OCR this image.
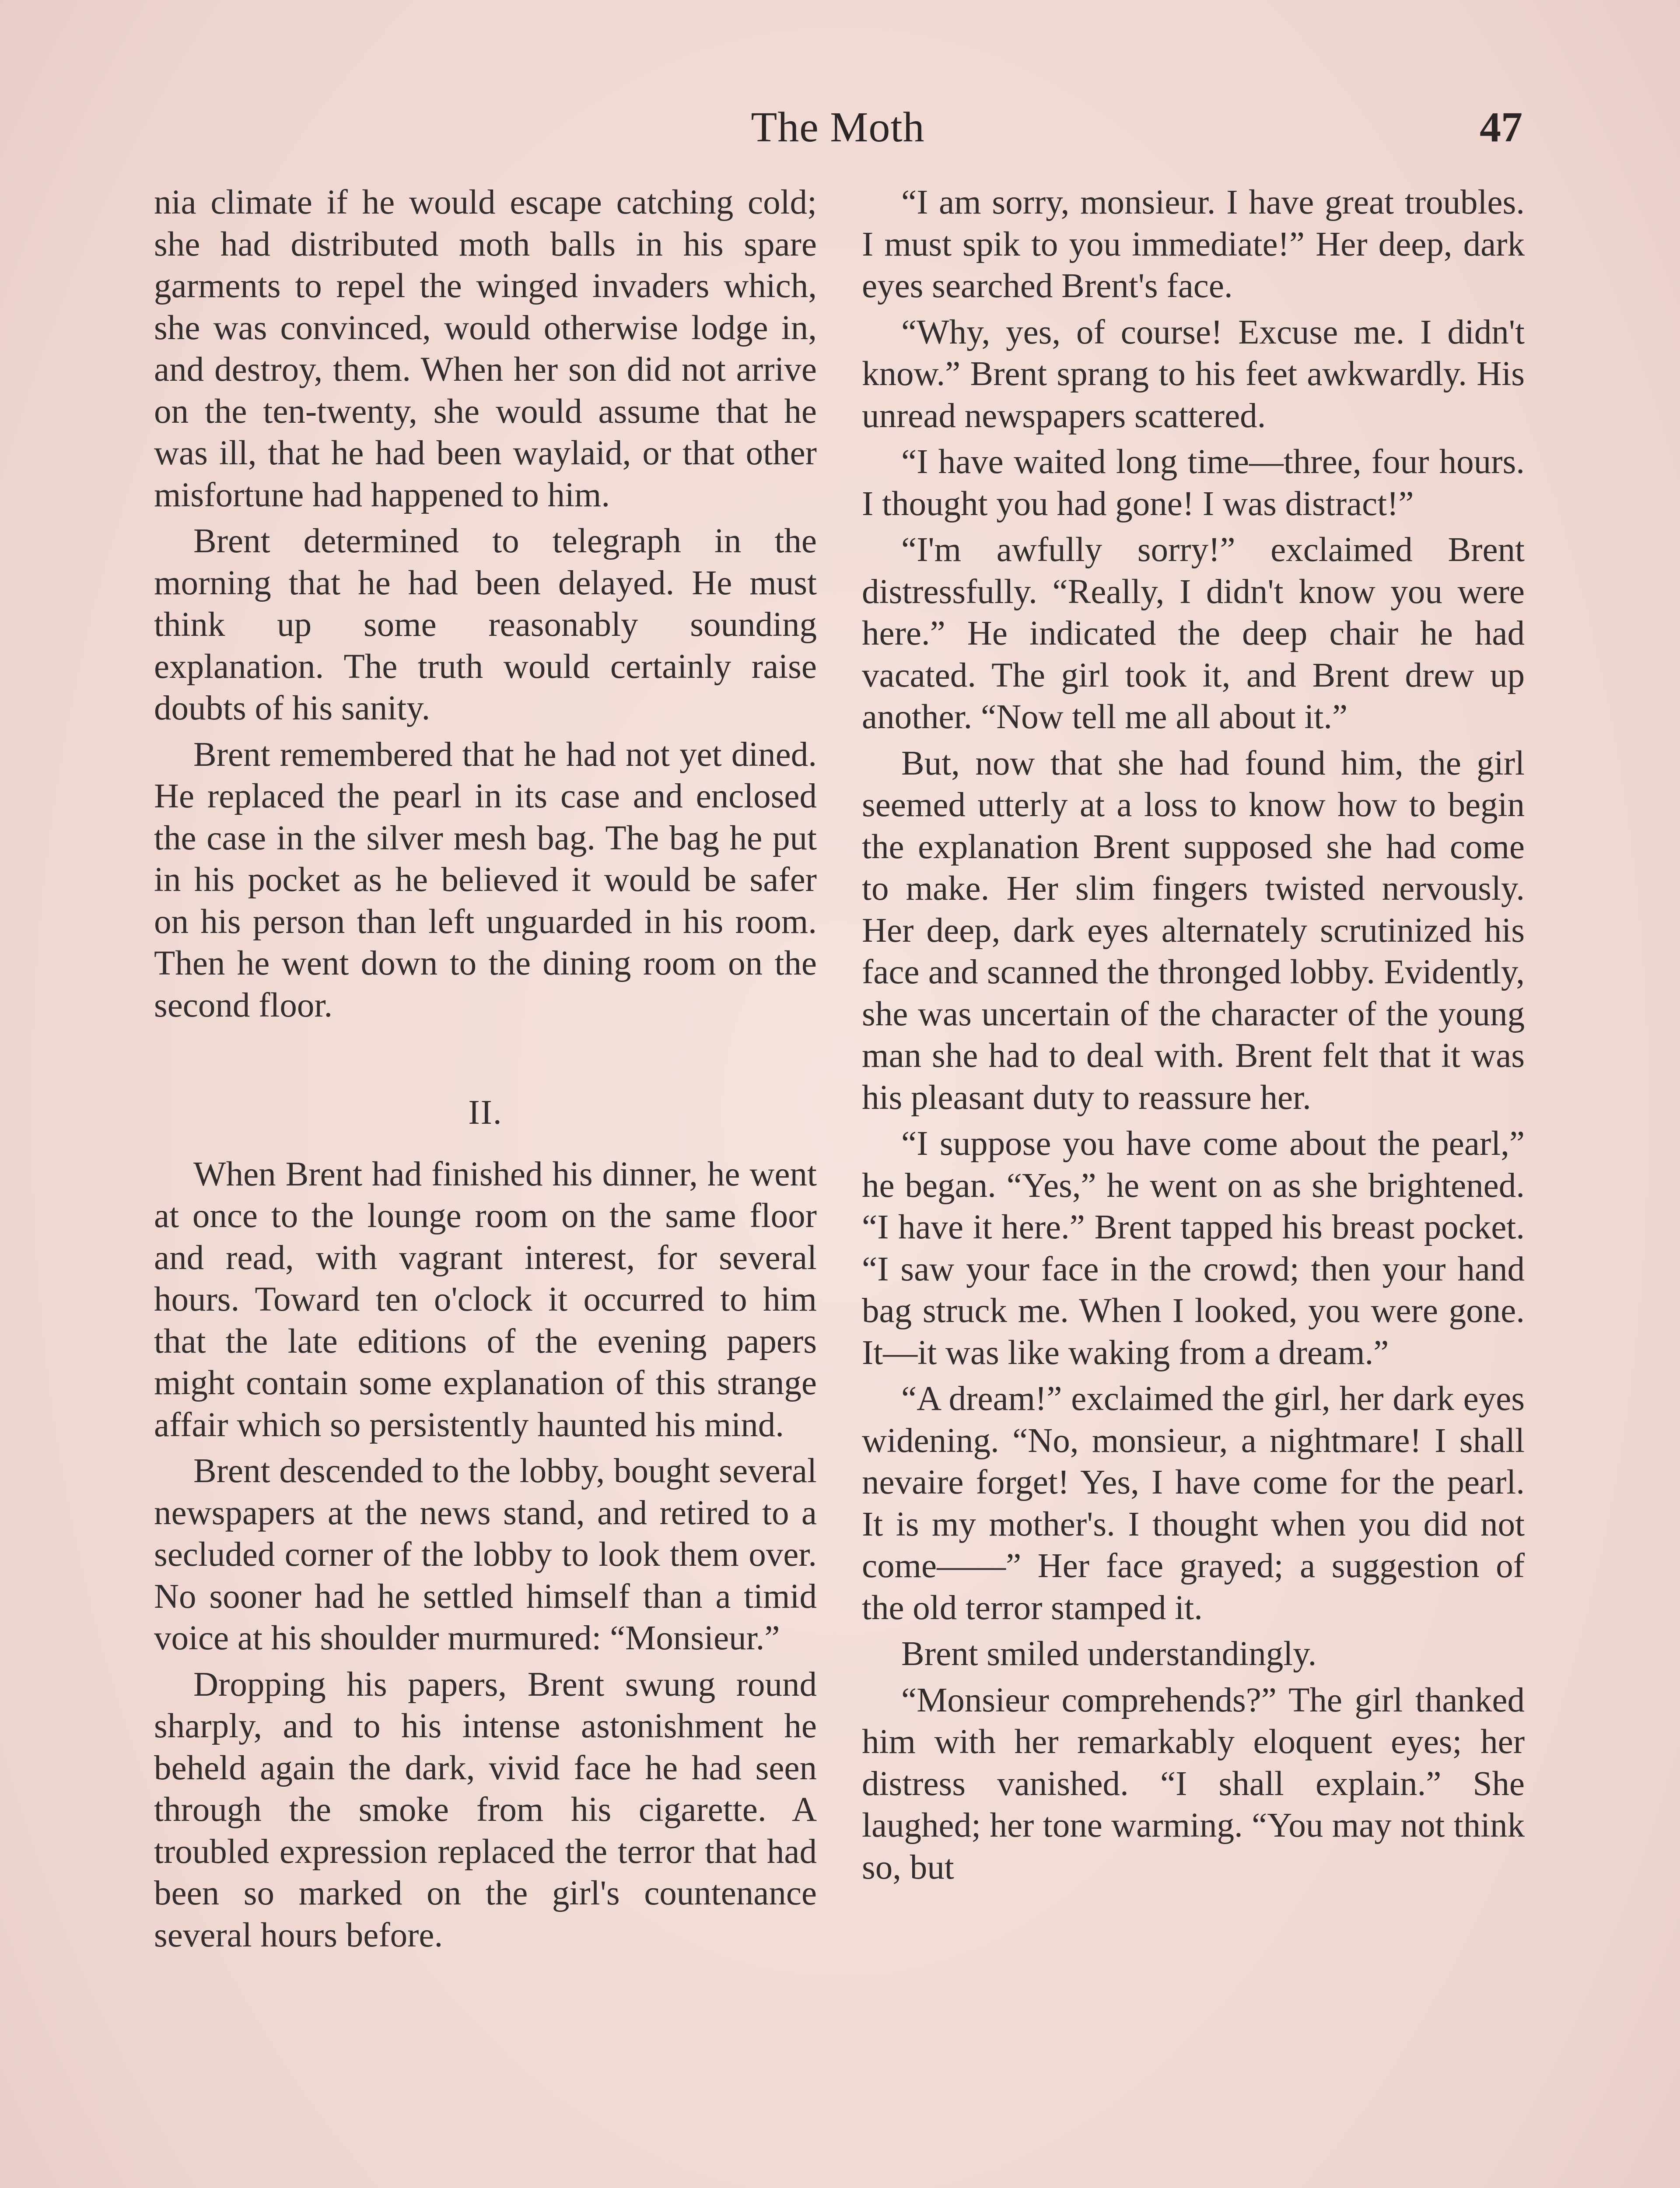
The Moth	47

nia climate if he would escape catching cold; she had distributed moth balls in his spare garments to repel the winged invaders which, she was convinced, would otherwise lodge in, and destroy, them. When her son did not arrive on the ten-twenty, she would assume that he was ill, that he had been waylaid, or that other misfortune had happened to him.

Brent determined to telegraph in the morning that he had been delayed. He must think up some reasonably sounding explanation. The truth would certainly raise doubts of his sanity.

Brent remembered that he had not yet dined. He replaced the pearl in its case and enclosed the case in the silver mesh bag. The bag he put in his pocket as he believed it would be safer on his person than left unguarded in his room. Then he went down to the dining room on the second floor.

II.

When Brent had finished his dinner, he went at once to the lounge room on the same floor and read, with vagrant interest, for several hours. Toward ten o'clock it occurred to him that the late editions of the evening papers might contain some explanation of this strange affair which so persistently haunted his mind.

Brent descended to the lobby, bought several newspapers at the news stand, and retired to a secluded corner of the lobby to look them over. No sooner had he settled himself than a timid voice at his shoulder murmured: “Monsieur.”

Dropping his papers, Brent swung round sharply, and to his intense astonishment he beheld again the dark, vivid face he had seen through the smoke from his cigarette. A troubled expression replaced the terror that had been so marked on the girl's countenance several hours before.

“I am sorry, monsieur. I have great troubles. I must spik to you immediate!” Her deep, dark eyes searched Brent's face.

“Why, yes, of course! Excuse me. I didn't know.” Brent sprang to his feet awkwardly. His unread newspapers scattered.

“I have waited long time—three, four hours. I thought you had gone! I was distract!”

“I'm awfully sorry!” exclaimed Brent distressfully. “Really, I didn't know you were here.” He indicated the deep chair he had vacated. The girl took it, and Brent drew up another. “Now tell me all about it.”

But, now that she had found him, the girl seemed utterly at a loss to know how to begin the explanation Brent supposed she had come to make. Her slim fingers twisted nervously. Her deep, dark eyes alternately scrutinized his face and scanned the thronged lobby. Evidently, she was uncertain of the character of the young man she had to deal with. Brent felt that it was his pleasant duty to reassure her.

“I suppose you have come about the pearl,” he began. “Yes,” he went on as she brightened. “I have it here.” Brent tapped his breast pocket. “I saw your face in the crowd; then your hand bag struck me. When I looked, you were gone. It—it was like waking from a dream.”

“A dream!” exclaimed the girl, her dark eyes widening. “No, monsieur, a nightmare! I shall nevaire forget! Yes, I have come for the pearl. It is my mother's. I thought when you did not come——” Her face grayed; a suggestion of the old terror stamped it.

Brent smiled understandingly.

“Monsieur comprehends?” The girl thanked him with her remarkably eloquent eyes; her distress vanished. “I shall explain.” She laughed; her tone warming. “You may not think so, but
